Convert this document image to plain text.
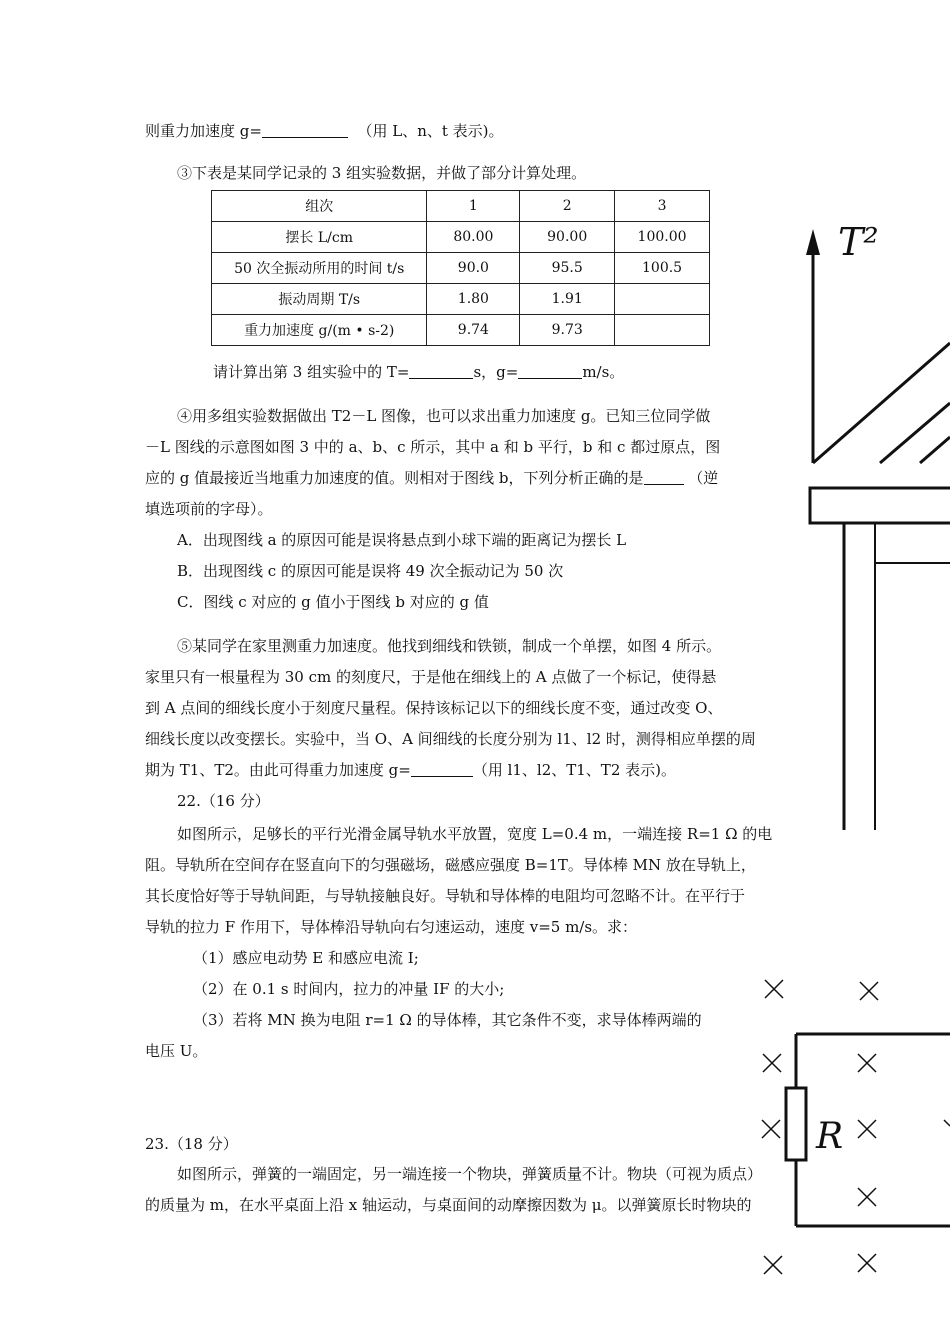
则重力加速度 g=	（用 L、n、t 表示)。
③下表是某同学记录的 3 组实验数据，并做了部分计算处理。
组次	1	2	3
摆长 L/cm	80.00	90.00	100.00
50 次全振动所用的时间 t/s	90.0	95.5	100.5
振动周期 T/s	1.80	1.91	
重力加速度 g/(m • s-2)	9.74	9.73	
请计算出第 3 组实验中的 T=	s，g=	m/s。
④用多组实验数据做出 T2－L 图像，也可以求出重力加速度 g。已知三位同学做
－L 图线的示意图如图 3 中的 a、b、c 所示，其中 a 和 b 平行，b 和 c 都过原点，图
应的 g 值最接近当地重力加速度的值。则相对于图线 b，下列分析正确的是	（逆
填选项前的字母）。
A．出现图线 a 的原因可能是误将悬点到小球下端的距离记为摆长 L
B．出现图线 c 的原因可能是误将 49 次全振动记为 50 次
C．图线 c 对应的 g 值小于图线 b 对应的 g 值
⑤某同学在家里测重力加速度。他找到细线和铁锁，制成一个单摆，如图 4 所示。
家里只有一根量程为 30 cm 的刻度尺，于是他在细线上的 A 点做了一个标记，使得悬
到 A 点间的细线长度小于刻度尺量程。保持该标记以下的细线长度不变，通过改变 O、
细线长度以改变摆长。实验中，当 O、A 间细线的长度分别为 l1、l2 时，测得相应单摆的周
期为 T1、T2。由此可得重力加速度 g=	（用 l1、l2、T1、T2 表示)。
22.（16 分）
如图所示，足够长的平行光滑金属导轨水平放置，宽度 L=0.4 m，一端连接 R=1 Ω 的电
阻。导轨所在空间存在竖直向下的匀强磁场，磁感应强度 B=1T。导体棒 MN 放在导轨上，
其长度恰好等于导轨间距，与导轨接触良好。导轨和导体棒的电阻均可忽略不计。在平行于
导轨的拉力 F 作用下，导体棒沿导轨向右匀速运动，速度 v=5 m/s。求：
（1）感应电动势 E 和感应电流 I;
（2）在 0.1 s 时间内，拉力的冲量 IF 的大小;
（3）若将 MN 换为电阻 r=1 Ω 的导体棒，其它条件不变，求导体棒两端的
电压 U。
23.（18 分）
如图所示，弹簧的一端固定，另一端连接一个物块，弹簧质量不计。物块（可视为质点）
的质量为 m，在水平桌面上沿 x 轴运动，与桌面间的动摩擦因数为 μ。以弹簧原长时物块的
T²
R
